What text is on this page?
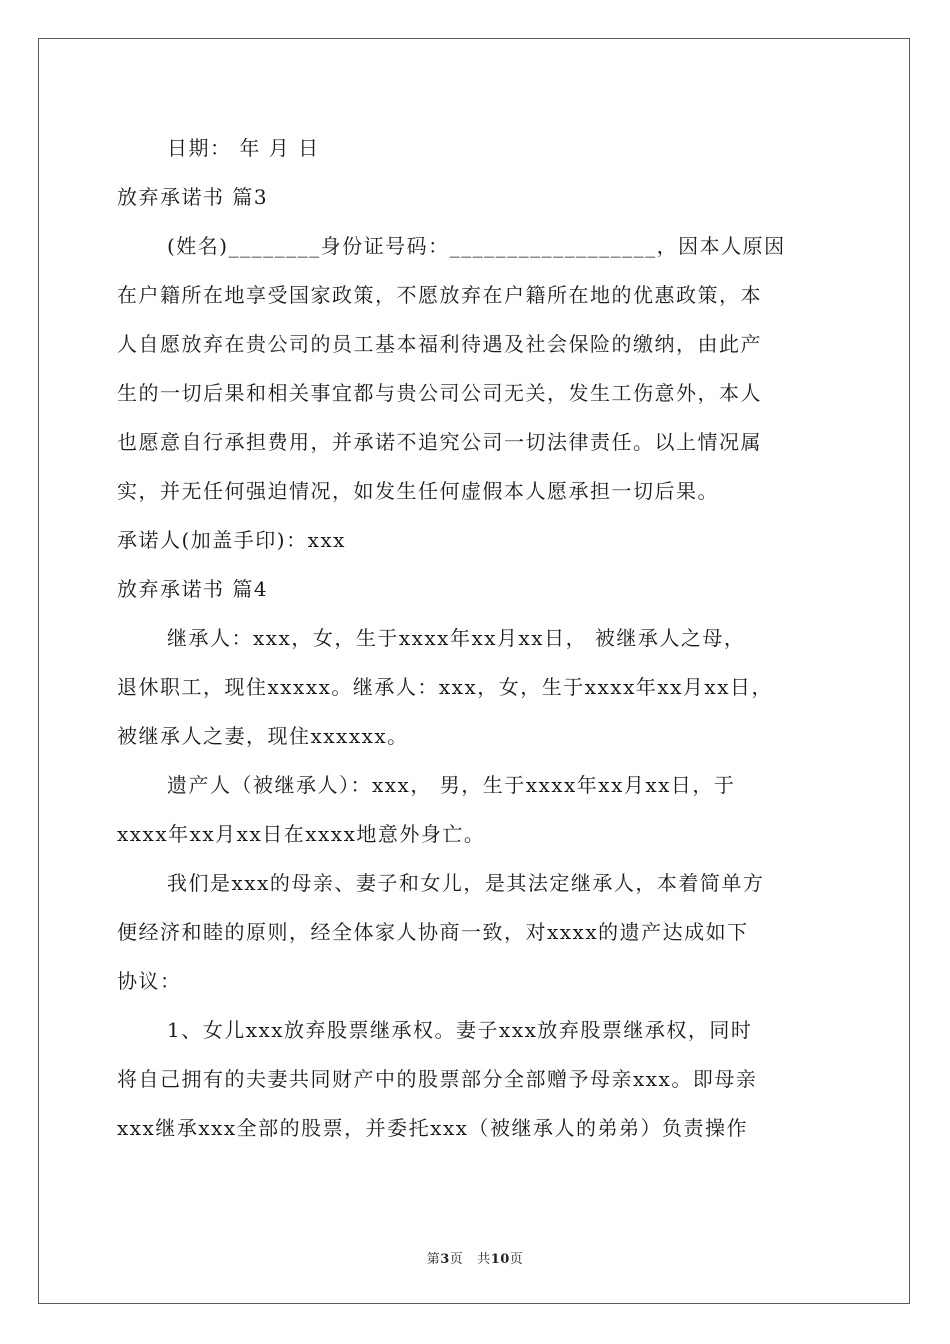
日期： 年 月 日
放弃承诺书 篇3
(姓名)________身份证号码：__________________，因本人原因
在户籍所在地享受国家政策，不愿放弃在户籍所在地的优惠政策，本
人自愿放弃在贵公司的员工基本福利待遇及社会保险的缴纳，由此产
生的一切后果和相关事宜都与贵公司公司无关，发生工伤意外，本人
也愿意自行承担费用，并承诺不追究公司一切法律责任。以上情况属
实，并无任何强迫情况，如发生任何虚假本人愿承担一切后果。
承诺人(加盖手印)：xxx
放弃承诺书 篇4
继承人：xxx，女，生于xxxx年xx月xx日， 被继承人之母，
退休职工，现住xxxxx。继承人：xxx，女，生于xxxx年xx月xx日，
被继承人之妻，现住xxxxxx。
遗产人（被继承人）：xxx， 男，生于xxxx年xx月xx日，于
xxxx年xx月xx日在xxxx地意外身亡。
我们是xxx的母亲、妻子和女儿，是其法定继承人，本着简单方
便经济和睦的原则，经全体家人协商一致，对xxxx的遗产达成如下
协议：
1、女儿xxx放弃股票继承权。妻子xxx放弃股票继承权，同时
将自己拥有的夫妻共同财产中的股票部分全部赠予母亲xxx。即母亲
xxx继承xxx全部的股票，并委托xxx（被继承人的弟弟）负责操作
第3页 共10页
